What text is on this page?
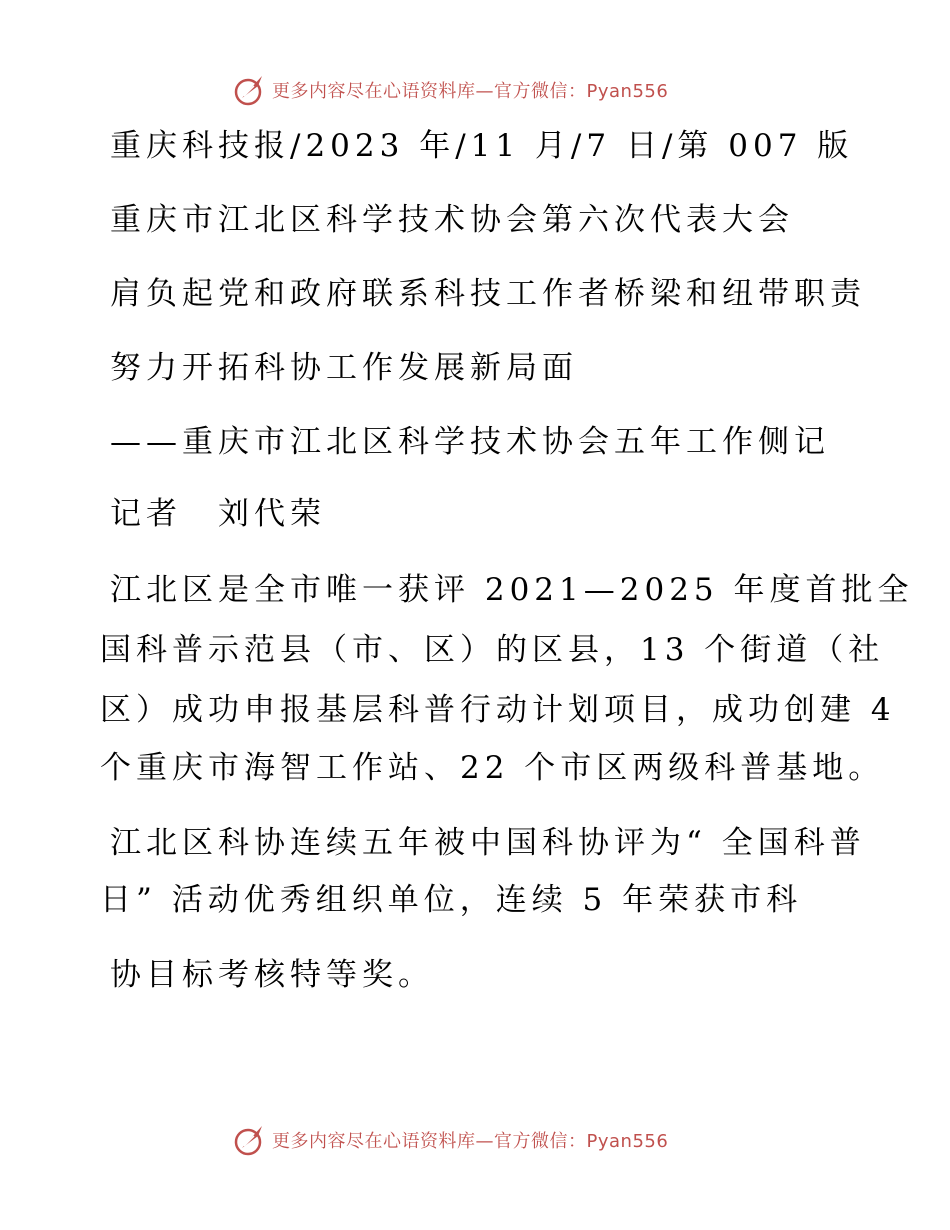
更多内容尽在心语资料库—官方微信：Pyan556
重庆科技报/2023 年/11 月/7 日/第 007 版
重庆市江北区科学技术协会第六次代表大会
肩负起党和政府联系科技工作者桥梁和纽带职责
努力开拓科协工作发展新局面
——重庆市江北区科学技术协会五年工作侧记
记者　刘代荣
江北区是全市唯一获评 2021—2025 年度首批全
国科普示范县（市、区）的区县，13 个街道（社
区）成功申报基层科普行动计划项目，成功创建 4
个重庆市海智工作站、22 个市区两级科普基地。
江北区科协连续五年被中国科协评为“ 全国科普
日” 活动优秀组织单位，连续 5 年荣获市科
协目标考核特等奖。
更多内容尽在心语资料库—官方微信：Pyan556
